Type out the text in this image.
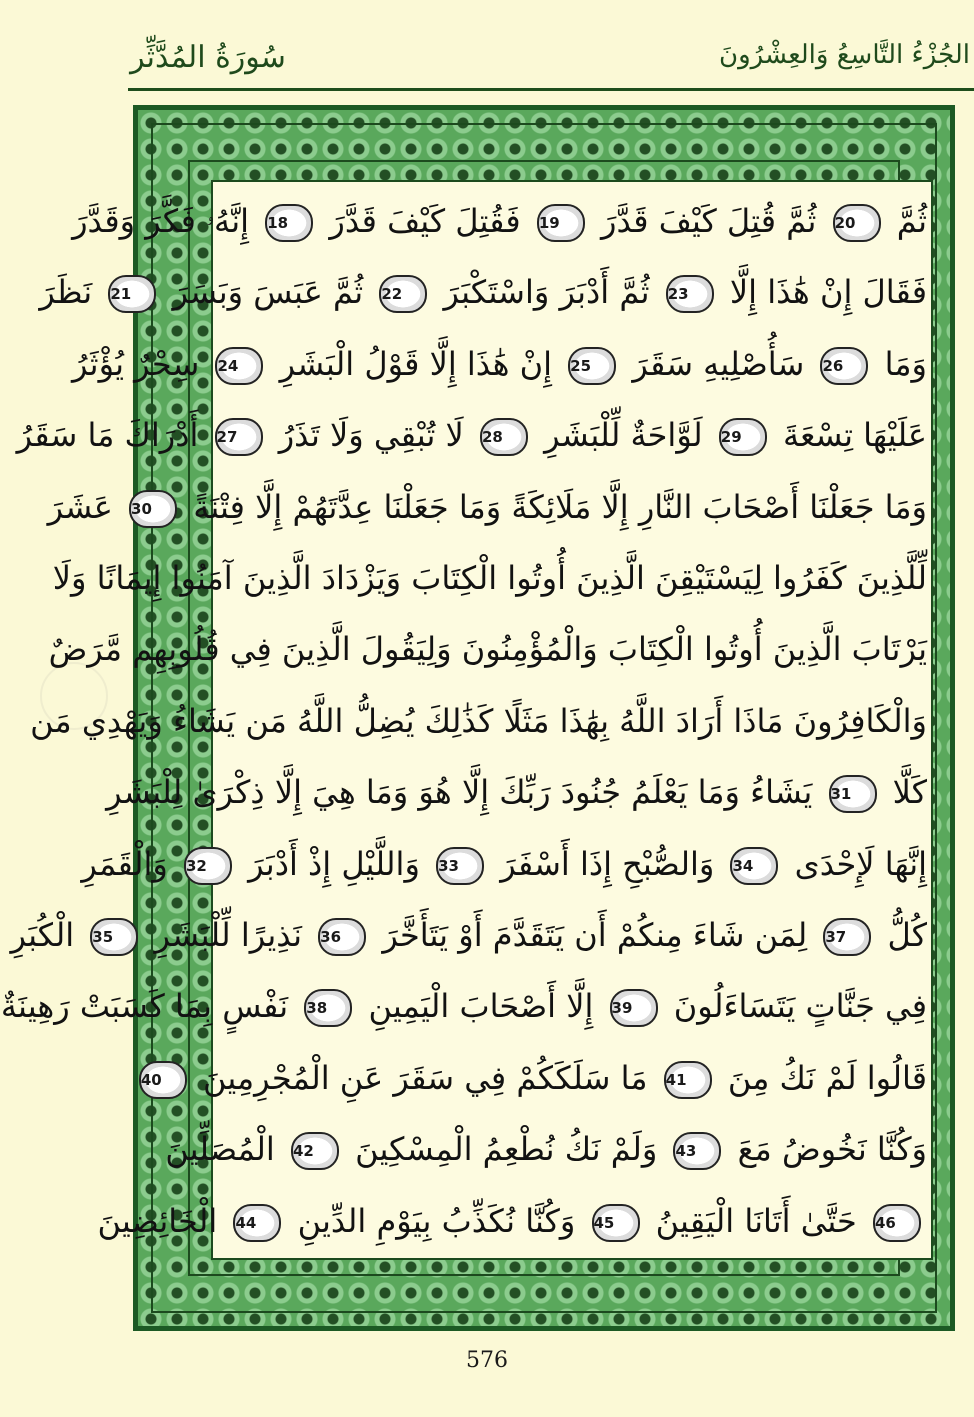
سُورَةُ المُدَّثِّر	الجُزْءُ التَّاسِعُ وَالعِشْرُونَ
ثُمَّ 20 ثُمَّ قُتِلَ كَيْفَ قَدَّرَ 19 فَقُتِلَ كَيْفَ قَدَّرَ 18 إِنَّهُۥ فَكَّرَ وَقَدَّرَ
فَقَالَ إِنْ هَٰذَا إِلَّا 23 ثُمَّ أَدْبَرَ وَاسْتَكْبَرَ 22 ثُمَّ عَبَسَ وَبَسَرَ 21 نَظَرَ
وَمَا 26 سَأُصْلِيهِ سَقَرَ 25 إِنْ هَٰذَا إِلَّا قَوْلُ الْبَشَرِ 24 سِحْرٌ يُؤْثَرُ
عَلَيْهَا تِسْعَةَ 29 لَوَّاحَةٌ لِّلْبَشَرِ 28 لَا تُبْقِي وَلَا تَذَرُ 27 أَدْرَاكَ مَا سَقَرُ
وَمَا جَعَلْنَا أَصْحَابَ النَّارِ إِلَّا مَلَائِكَةً وَمَا جَعَلْنَا عِدَّتَهُمْ إِلَّا فِتْنَةً 30 عَشَرَ
لِّلَّذِينَ كَفَرُوا لِيَسْتَيْقِنَ الَّذِينَ أُوتُوا الْكِتَابَ وَيَزْدَادَ الَّذِينَ آمَنُوا إِيمَانًا وَلَا
يَرْتَابَ الَّذِينَ أُوتُوا الْكِتَابَ وَالْمُؤْمِنُونَ وَلِيَقُولَ الَّذِينَ فِي قُلُوبِهِم مَّرَضٌ
وَالْكَافِرُونَ مَاذَا أَرَادَ اللَّهُ بِهَٰذَا مَثَلًا كَذَٰلِكَ يُضِلُّ اللَّهُ مَن يَشَاءُ وَيَهْدِي مَن
كَلَّا 31 يَشَاءُ وَمَا يَعْلَمُ جُنُودَ رَبِّكَ إِلَّا هُوَ وَمَا هِيَ إِلَّا ذِكْرَىٰ لِلْبَشَرِ
إِنَّهَا لَإِحْدَى 34 وَالصُّبْحِ إِذَا أَسْفَرَ 33 وَاللَّيْلِ إِذْ أَدْبَرَ 32 وَالْقَمَرِ
كُلُّ 37 لِمَن شَاءَ مِنكُمْ أَن يَتَقَدَّمَ أَوْ يَتَأَخَّرَ 36 نَذِيرًا لِّلْبَشَرِ 35 الْكُبَرِ
فِي جَنَّاتٍ يَتَسَاءَلُونَ 39 إِلَّا أَصْحَابَ الْيَمِينِ 38 نَفْسٍ بِمَا كَسَبَتْ رَهِينَةٌ
قَالُوا لَمْ نَكُ مِنَ 41 مَا سَلَكَكُمْ فِي سَقَرَ عَنِ الْمُجْرِمِينَ 40
وَكُنَّا نَخُوضُ مَعَ 43 وَلَمْ نَكُ نُطْعِمُ الْمِسْكِينَ 42 الْمُصَلِّينَ
46 حَتَّىٰ أَتَانَا الْيَقِينُ 45 وَكُنَّا نُكَذِّبُ بِيَوْمِ الدِّينِ 44 الْخَائِضِينَ
576
